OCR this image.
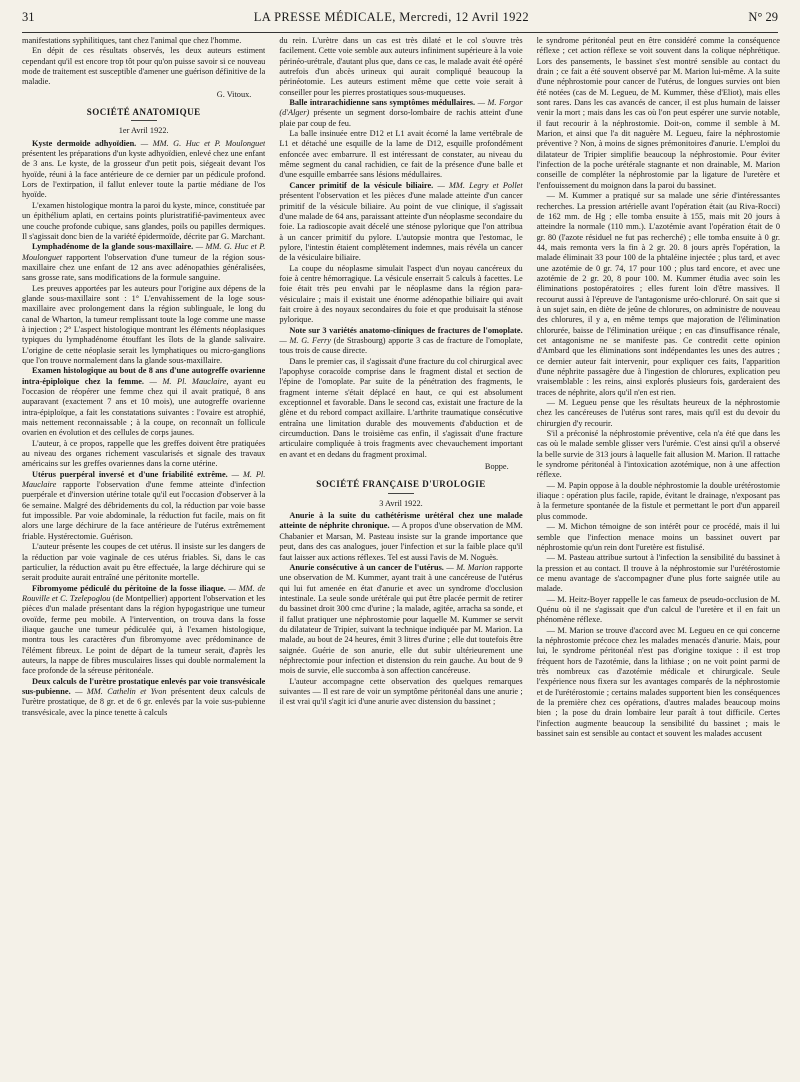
31	LA PRESSE MÉDICALE, Mercredi, 12 Avril 1922	N° 29

manifestations syphilitiques, tant chez l'animal que chez l'homme.

En dépit de ces résultats observés, les deux auteurs estiment cependant qu'il est encore trop tôt pour qu'on puisse savoir si ce nouveau mode de traitement est susceptible d'amener une guérison définitive de la maladie.

G. Vitoux.
SOCIÉTÉ ANATOMIQUE
1er Avril 1922.

Kyste dermoïde adhyoïdien. — MM. G. Huc et P. Moulonguet présentent les préparations d'un kyste adhyoïdien, enlevé chez une enfant de 3 ans. Le kyste, de la grosseur d'un petit pois, siégeait devant l'os hyoïde, réuni à la face antérieure de ce dernier par un pédicule profond. Lors de l'extirpation, il fallut enlever toute la partie médiane de l'os hyoïde.

L'examen histologique montra la paroi du kyste, mince, constituée par un épithélium aplati, en certains points pluristratifié-pavimenteux avec une couche profonde cubique, sans glandes, poils ou papilles dermiques. Il s'agissait donc bien de la variété épidermoïde, décrite par G. Marchant.

Lymphadénome de la glande sous-maxillaire. — MM. G. Huc et P. Moulonguet rapportent l'observation d'une tumeur de la région sous-maxillaire chez une enfant de 12 ans avec adénopathies généralisées, sans grosse rate, sans modifications de la formule sanguine.

Les preuves apportées par les auteurs pour l'origine aux dépens de la glande sous-maxillaire sont : 1° L'envahissement de la loge sous-maxillaire avec prolongement dans la région sublinguale, le long du canal de Wharton, la tumeur remplissant toute la loge comme une masse à injection ; 2° L'aspect histologique montrant les éléments néoplasiques typiques du lymphadénome étouffant les îlots de la glande salivaire. L'origine de cette néoplasie serait les lymphatiques ou micro-ganglions que l'on trouve normalement dans la glande sous-maxillaire.

Examen histologique au bout de 8 ans d'une autogreffe ovarienne intra-épiploïque chez la femme. — M. Pl. Mauclaire, ayant eu l'occasion de réopérer une femme chez qui il avait pratiqué, 8 ans auparavant (exactement 7 ans et 10 mois), une autogreffe ovarienne intra-épiploïque, a fait les constatations suivantes : l'ovaire est atrophié, mais nettement reconnaissable ; à la coupe, on reconnaît un follicule ovarien en évolution et des cellules de corps jaunes.

L'auteur, à ce propos, rappelle que les greffes doivent être pratiquées au niveau des organes richement vascularisés et signale des travaux américains sur les greffes ovariennes dans la corne utérine.

Utérus puerpéral inversé et d'une friabilité extrême. — M. Pl. Mauclaire rapporte l'observation d'une femme atteinte d'infection puerpérale et d'inversion utérine totale qu'il eut l'occasion d'observer à la 6e semaine. Malgré des débridements du col, la réduction par voie basse fut impossible. Par voie abdominale, la réduction fut facile, mais on fit alors une large déchirure de la face antérieure de l'utérus extrêmement friable. Hystérectomie. Guérison.

L'auteur présente les coupes de cet utérus. Il insiste sur les dangers de la réduction par voie vaginale de ces utérus friables. Si, dans le cas particulier, la réduction avait pu être effectuée, la large déchirure qui se serait produite aurait entraîné une péritonite mortelle.

Fibromyome pédiculé du péritoine de la fosse iliaque. — MM. de Rouville et C. Tzelepoglou (de Montpellier) apportent l'observation et les pièces d'un malade présentant dans la région hypogastrique une tumeur ovoïde, ferme peu mobile. A l'intervention, on trouva dans la fosse iliaque gauche une tumeur pédiculée qui, à l'examen histologique, montra tous les caractères d'un fibromyome avec prédominance de l'élément fibreux. Le point de départ de la tumeur serait, d'après les auteurs, la nappe de fibres musculaires lisses qui double normalement la face profonde de la séreuse péritonéale.

Deux calculs de l'urètre prostatique enlevés par voie transvésicale sus-pubienne. — MM. Cathelin et Yvon présentent deux calculs de l'urètre prostatique, de 8 gr. et de 6 gr. enlevés par la voie sus-pubienne transvésicale, avec la pince tenette à calculs

du rein. L'urètre dans un cas est très dilaté et le col s'ouvre très facilement. Cette voie semble aux auteurs infiniment supérieure à la voie périnéo-urétrale, d'autant plus que, dans ce cas, le malade avait été opéré autrefois d'un abcès urineux qui aurait compliqué beaucoup la périnéotomie. Les auteurs estiment même que cette voie serait à conseiller pour les pierres prostatiques sous-muqueuses.

Balle intrarachidienne sans symptômes médullaires. — M. Forgor (d'Alger) présente un segment dorso-lombaire de rachis atteint d'une plaie par coup de feu.

La balle insinuée entre D12 et L1 avait écorné la lame vertébrale de L1 et détaché une esquille de la lame de D12, esquille profondément enfoncée avec embarrure. Il est intéressant de constater, au niveau du même segment du canal rachidien, ce fait de la présence d'une balle et d'une esquille embarrée sans lésions médullaires.

Cancer primitif de la vésicule biliaire. — MM. Legry et Pollet présentent l'observation et les pièces d'une malade atteinte d'un cancer primitif de la vésicule biliaire. Au point de vue clinique, il s'agissait d'une malade de 64 ans, paraissant atteinte d'un néoplasme secondaire du foie. La radioscopie avait décelé une sténose pylorique que l'on attribua à un cancer primitif du pylore. L'autopsie montra que l'estomac, le pylore, l'intestin étaient complètement indemnes, mais révéla un cancer de la vésiculaire biliaire.

La coupe du néoplasme simulait l'aspect d'un noyau cancéreux du foie à centre hémorragique. La vésicule enserrait 5 calculs à facettes. Le foie était très peu envahi par le néoplasme dans la région para-vésiculaire ; mais il existait une énorme adénopathie biliaire qui avait fait croire à des noyaux secondaires du foie et que produisait la sténose pylorique.

Note sur 3 variétés anatomo-cliniques de fractures de l'omoplate. — M. G. Ferry (de Strasbourg) apporte 3 cas de fracture de l'omoplate, tous trois de cause directe.

Dans le premier cas, il s'agissait d'une fracture du col chirurgical avec l'apophyse coracoïde comprise dans le fragment distal et section de l'épine de l'omoplate. Par suite de la pénétration des fragments, le fragment interne s'était déplacé en haut, ce qui est absolument exceptionnel et favorable. Dans le second cas, existait une fracture de la glène et du rebord compact axillaire. L'arthrite traumatique consécutive entraîna une limitation durable des mouvements d'abduction et de circumduction. Dans le troisième cas enfin, il s'agissait d'une fracture articulaire compliquée à trois fragments avec chevauchement important en avant et en dedans du fragment proximal.

Boppe.
SOCIÉTÉ FRANÇAISE D'UROLOGIE
3 Avril 1922.

Anurie à la suite du cathétérisme urétéral chez une malade atteinte de néphrite chronique. — A propos d'une observation de MM. Chabanier et Marsan, M. Pasteau insiste sur la grande importance que peut, dans des cas analogues, jouer l'infection et sur la faible place qu'il faut laisser aux actions réflexes. Tel est aussi l'avis de M. Noguès.

Anurie consécutive à un cancer de l'utérus. — M. Marion rapporte une observation de M. Kummer, ayant trait à une cancéreuse de l'utérus qui lui fut amenée en état d'anurie et avec un syndrome d'occlusion intestinale. La seule sonde urétérale qui put être placée permit de retirer du bassinet droit 300 cmc d'urine ; la malade, agitée, arracha sa sonde, et il fallut pratiquer une néphrostomie pour laquelle M. Kummer se servit du dilatateur de Tripier, suivant la technique indiquée par M. Marion. La malade, au bout de 24 heures, émit 3 litres d'urine ; elle dut toutefois être saignée. Guérie de son anurie, elle dut subir ultérieurement une néphrectomie pour infection et distension du rein gauche. Au bout de 9 mois de survie, elle succomba à son affection cancéreuse.

L'auteur accompagne cette observation des quelques remarques suivantes — Il est rare de voir un symptôme péritonéal dans une anurie ; il est vrai qu'il s'agit ici d'une anurie avec distension du bassinet ;

le syndrome péritonéal peut en être considéré comme la conséquence réflexe ; cet action réflexe se voit souvent dans la colique néphrétique. Lors des pansements, le bassinet s'est montré sensible au contact du drain ; ce fait a été souvent observé par M. Marion lui-même. A la suite d'une néphrostomie pour cancer de l'utérus, de longues survies ont bien été notées (cas de M. Legueu, de M. Kummer, thèse d'Eliot), mais elles sont rares. Dans les cas avancés de cancer, il est plus humain de laisser venir la mort ; mais dans les cas où l'on peut espérer une survie notable, il faut recourir à la néphrostomie. Doit-on, comme il semble à M. Marion, et ainsi que l'a dit naguère M. Legueu, faire la néphrostomie préventive ? Non, à moins de signes prémonitoires d'anurie. L'emploi du dilatateur de Tripier simplifie beaucoup la néphrostomie. Pour éviter l'infection de la poche urétérale stagnante et non drainable, M. Marion conseille de compléter la néphrostomie par la ligature de l'uretère et l'enfouissement du moignon dans la paroi du bassinet.

— M. Kummer a pratiqué sur sa malade une série d'intéressantes recherches. La pression artérielle avant l'opération était (au Riva-Rocci) de 162 mm. de Hg ; elle tomba ensuite à 155, mais mit 20 jours à atteindre la normale (110 mm.). L'azotémie avant l'opération était de 0 gr. 80 (l'azote résiduel ne fut pas recherché) ; elle tomba ensuite à 0 gr. 44, mais remonta vers la fin à 2 gr. 20. 8 jours après l'opération, la malade éliminait 33 pour 100 de la phtaléine injectée ; plus tard, et avec une azotémie de 0 gr. 74, 17 pour 100 ; plus tard encore, et avec une azotémie de 2 gr. 20, 8 pour 100. M. Kummer étudia avec soin les éliminations postopératoires ; elles furent loin d'être massives. Il recourut aussi à l'épreuve de l'antagonisme uréo-chloruré. On sait que si à un sujet sain, en diète de jeûne de chlorures, on administre de nouveau des chlorures, il y a, en même temps que majoration de l'élimination chlorurée, baisse de l'élimination uréique ; en cas d'insuffisance rénale, cet antagonisme ne se manifeste pas. Ce contredit cette opinion d'Ambard que les éliminations sont indépendantes les unes des autres ; ce dernier auteur fait intervenir, pour expliquer ces faits, l'apparition d'une néphrite passagère due à l'ingestion de chlorures, explication peu vraisemblable : les reins, ainsi explorés plusieurs fois, garderaient des traces de néphrite, alors qu'il n'en est rien.

— M. Legueu pense que les résultats heureux de la néphrostomie chez les cancéreuses de l'utérus sont rares, mais qu'il est du devoir du chirurgien d'y recourir.

S'il a préconisé la néphrostomie préventive, cela n'a été que dans les cas où le malade semble glisser vers l'urémie. C'est ainsi qu'il a observé la belle survie de 313 jours à laquelle fait allusion M. Marion. Il rattache le syndrome péritonéal à l'intoxication azotémique, non à une affection réflexe.

— M. Papin oppose à la double néphrostomie la double urétérostomie iliaque : opération plus facile, rapide, évitant le drainage, n'exposant pas à la fermeture spontanée de la fistule et permettant le port d'un appareil plus commode.

— M. Michon témoigne de son intérêt pour ce procédé, mais il lui semble que l'infection menace moins un bassinet ouvert par néphrostomie qu'un rein dont l'uretère est fistulisé.

— M. Pasteau attribue surtout à l'infection la sensibilité du bassinet à la pression et au contact. Il trouve à la néphrostomie sur l'urétérostomie ce menu avantage de s'accompagner d'une plus forte saignée utile au malade.

— M. Heitz-Boyer rappelle le cas fameux de pseudo-occlusion de M. Quénu où il ne s'agissait que d'un calcul de l'uretère et il en fait un phénomène réflexe.

— M. Marion se trouve d'accord avec M. Legueu en ce qui concerne la néphrostomie précoce chez les malades menacés d'anurie. Mais, pour lui, le syndrome péritonéal n'est pas d'origine toxique : il est trop fréquent hors de l'azotémie, dans la lithiase ; on ne voit point parmi de très nombreux cas d'azotémie médicale et chirurgicale. Seule l'expérience nous fixera sur les avantages comparés de la néphrostomie et de l'urétérostomie ; certains malades supportent bien les conséquences de la première chez ces opérations, d'autres malades beaucoup moins bien ; la pose du drain lombaire leur paraît à tout difficile. Certes l'infection augmente beaucoup la sensibilité du bassinet ; mais le bassinet sain est sensible au contact et souvent les malades accusent
